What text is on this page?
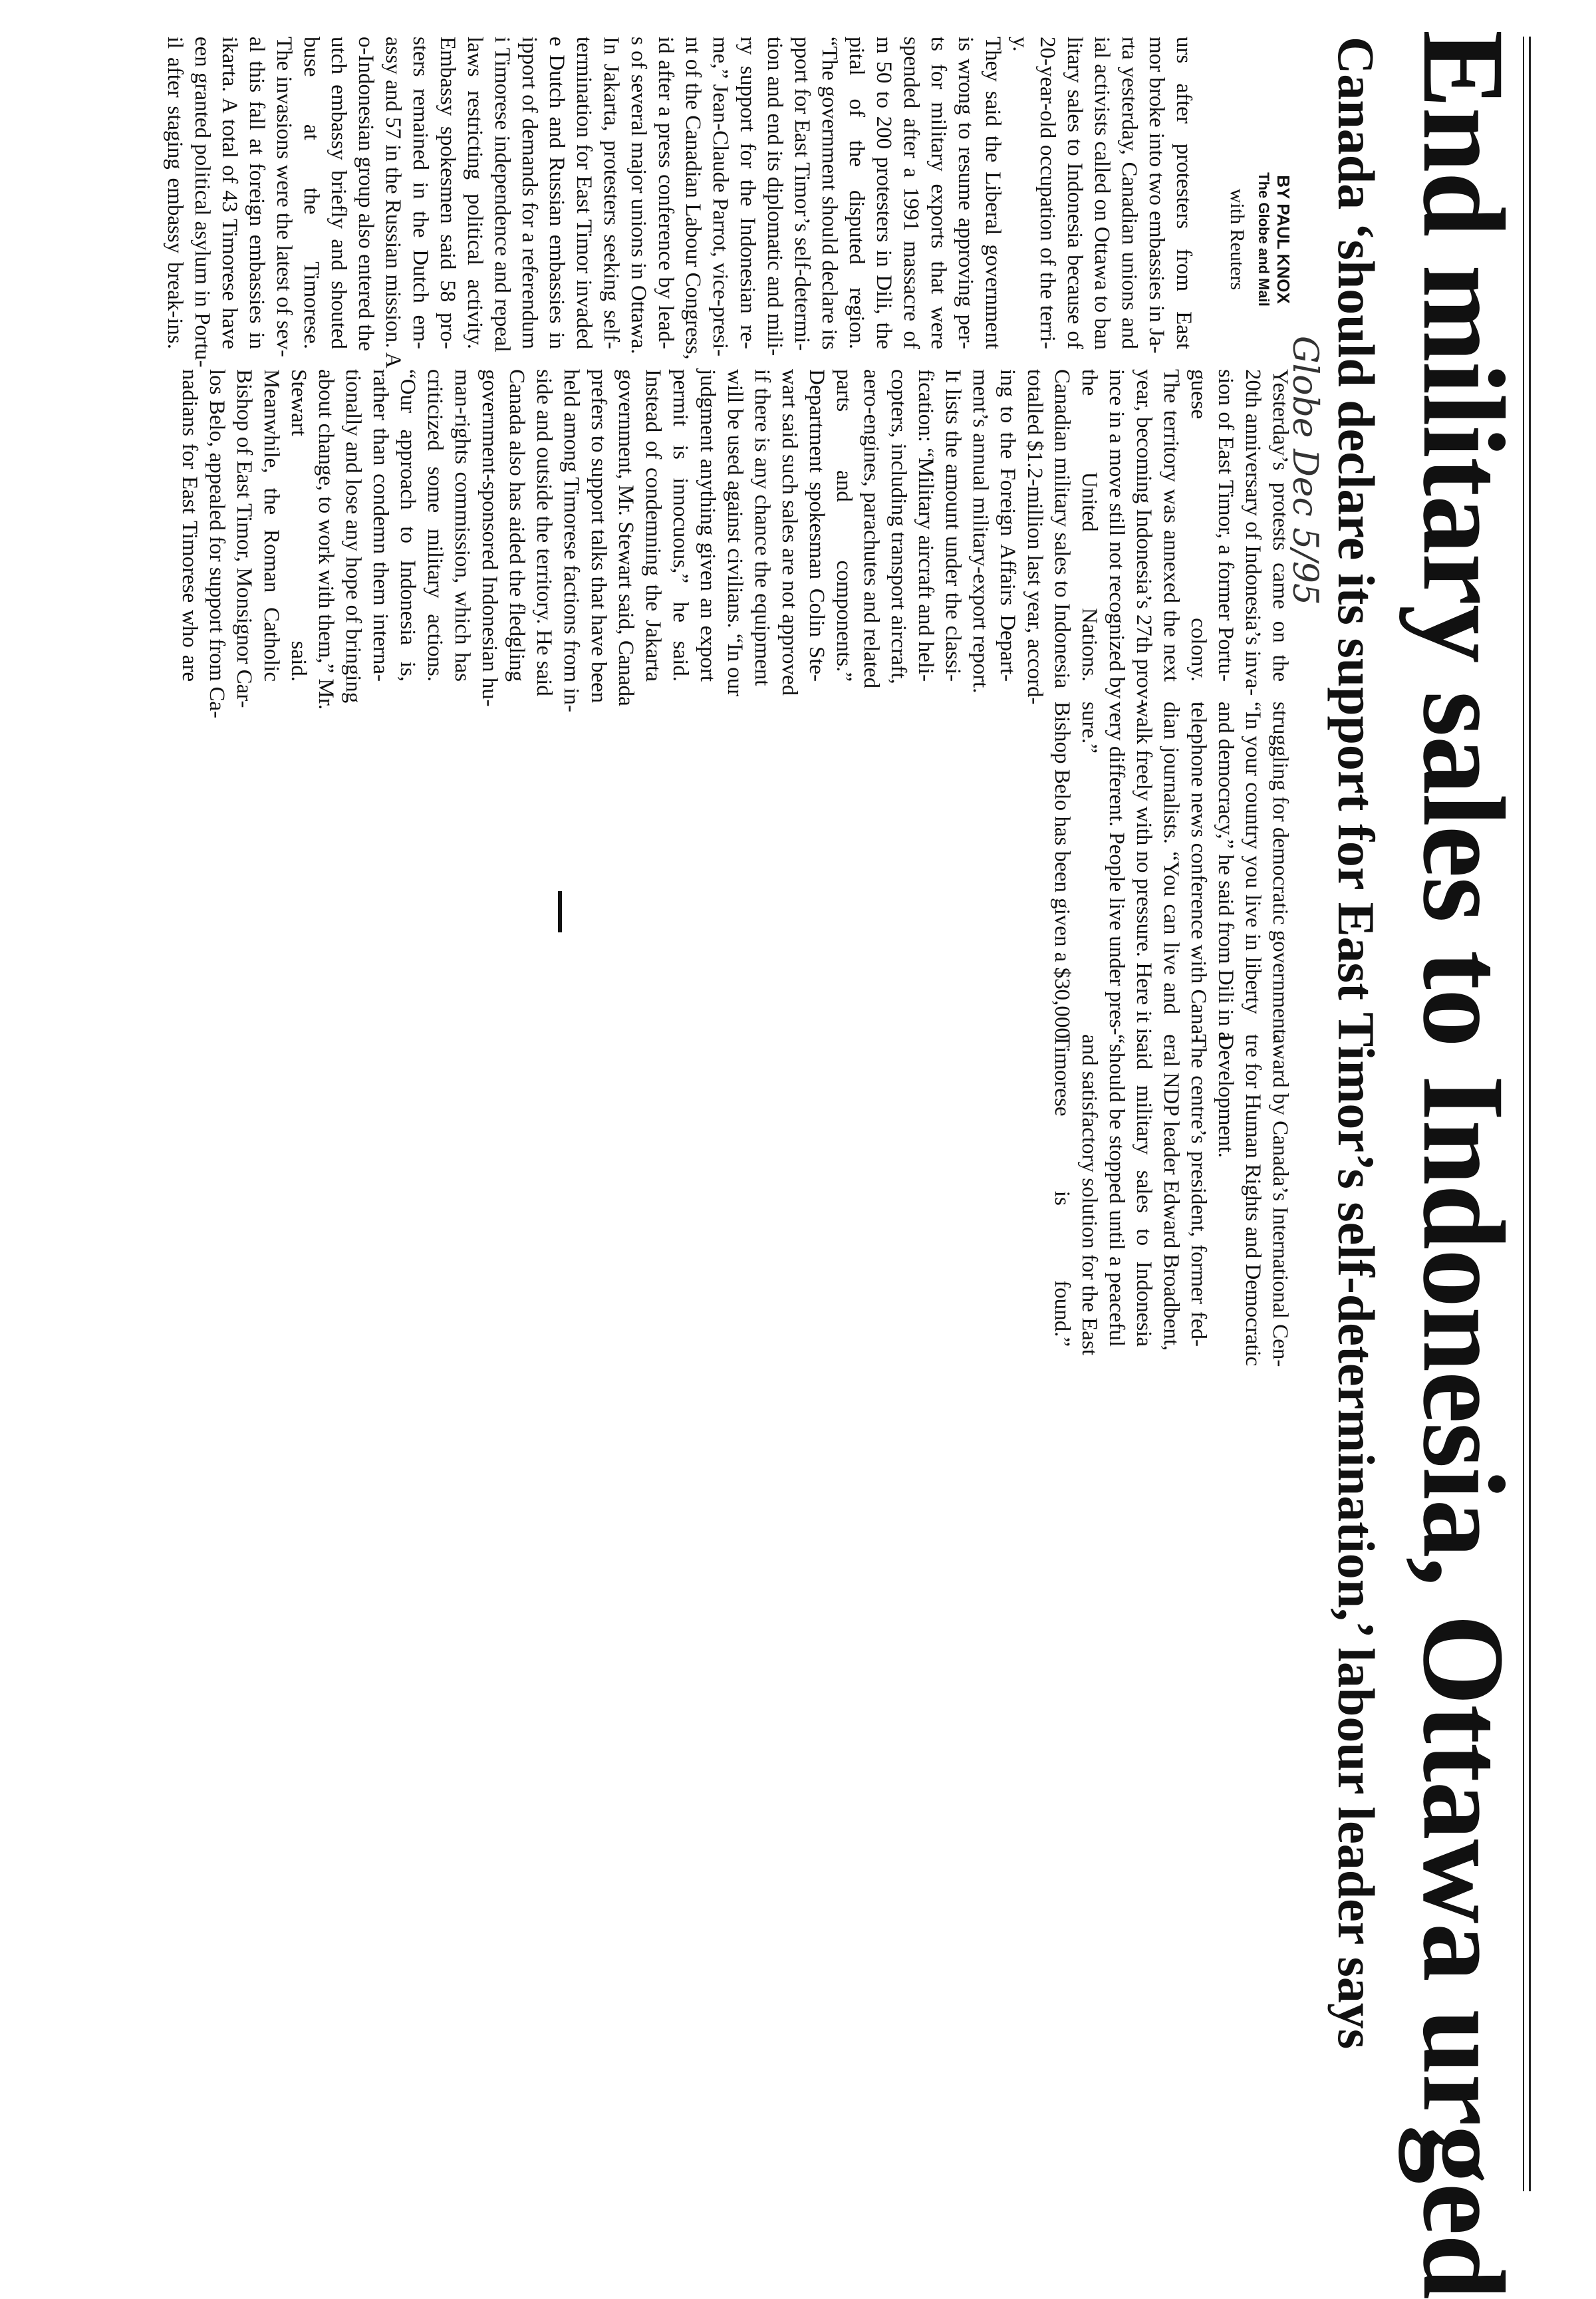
End military sales to Indonesia, Ottawa urged
Canada ‘should declare its support for East Timor’s self-determination,’ labour leader says
Globe Dec 5/95
BY PAUL KNOX
The Globe and Mail
with Reuters
urs after protesters from East
mor broke into two embassies in Ja-
rta yesterday, Canadian unions and
ial activists called on Ottawa to ban
litary sales to Indonesia because of
20-year-old occupation of the terri-
y.
They said the Liberal government
is wrong to resume approving per-
ts for military exports that were
spended after a 1991 massacre of
m 50 to 200 protesters in Dili, the
pital of the disputed region.
“The government should declare its
pport for East Timor’s self-determi-
tion and end its diplomatic and mili-
ry support for the Indonesian re-
me,” Jean-Claude Parrot, vice-presi-
nt of the Canadian Labour Congress,
id after a press conference by lead-
s of several major unions in Ottawa.
In Jakarta, protesters seeking self-
termination for East Timor invaded
e Dutch and Russian embassies in
ipport of demands for a referendum
i Timorese independence and repeal
laws restricting political activity.
Embassy spokesmen said 58 pro-
sters remained in the Dutch em-
assy and 57 in the Russian mission. A
o-Indonesian group also entered the
utch embassy briefly and shouted
buse at the Timorese.
The invasions were the latest of sev-
al this fall at foreign embassies in
ikarta. A total of 43 Timorese have
een granted political asylum in Portu-
il after staging embassy break-ins.
Yesterday’s protests came on the
20th anniversary of Indonesia’s inva-
sion of East Timor, a former Portu-
guese colony.
The territory was annexed the next
year, becoming Indonesia’s 27th prov-
ince in a move still not recognized by
the United Nations.
Canadian military sales to Indonesia
totalled $1.2-million last year, accord-
ing to the Foreign Affairs Depart-
ment’s annual military-export report.
It lists the amount under the classi-
fication: “Military aircraft and heli-
copters, including transport aircraft,
aero-engines, parachutes and related
parts and components.”
Department spokesman Colin Ste-
wart said such sales are not approved
if there is any chance the equipment
will be used against civilians. “In our
judgment anything given an export
permit is innocuous,” he said.
Instead of condemning the Jakarta
government, Mr. Stewart said, Canada
prefers to support talks that have been
held among Timorese factions from in-
side and outside the territory. He said
Canada also has aided the fledgling
government-sponsored Indonesian hu-
man-rights commission, which has
criticized some military actions.
“Our approach to Indonesia is,
rather than condemn them interna-
tionally and lose any hope of bringing
about change, to work with them,” Mr.
Stewart said.
Meanwhile, the Roman Catholic
Bishop of East Timor, Monsignor Car-
los Belo, appealed for support from Ca-
nadians for East Timorese who are
struggling for democratic government.
“In your country you live in liberty
and democracy,” he said from Dili in a
telephone news conference with Cana-
dian journalists. “You can live and
walk freely with no pressure. Here it is
very different. People live under pres-
sure.”
Bishop Belo has been given a $30,000
award by Canada’s International Cen-
tre for Human Rights and Democratic
Development.
The centre’s president, former fed-
eral NDP leader Edward Broadbent,
said military sales to Indonesia
“should be stopped until a peaceful
and satisfactory solution for the East
Timorese is found.”
